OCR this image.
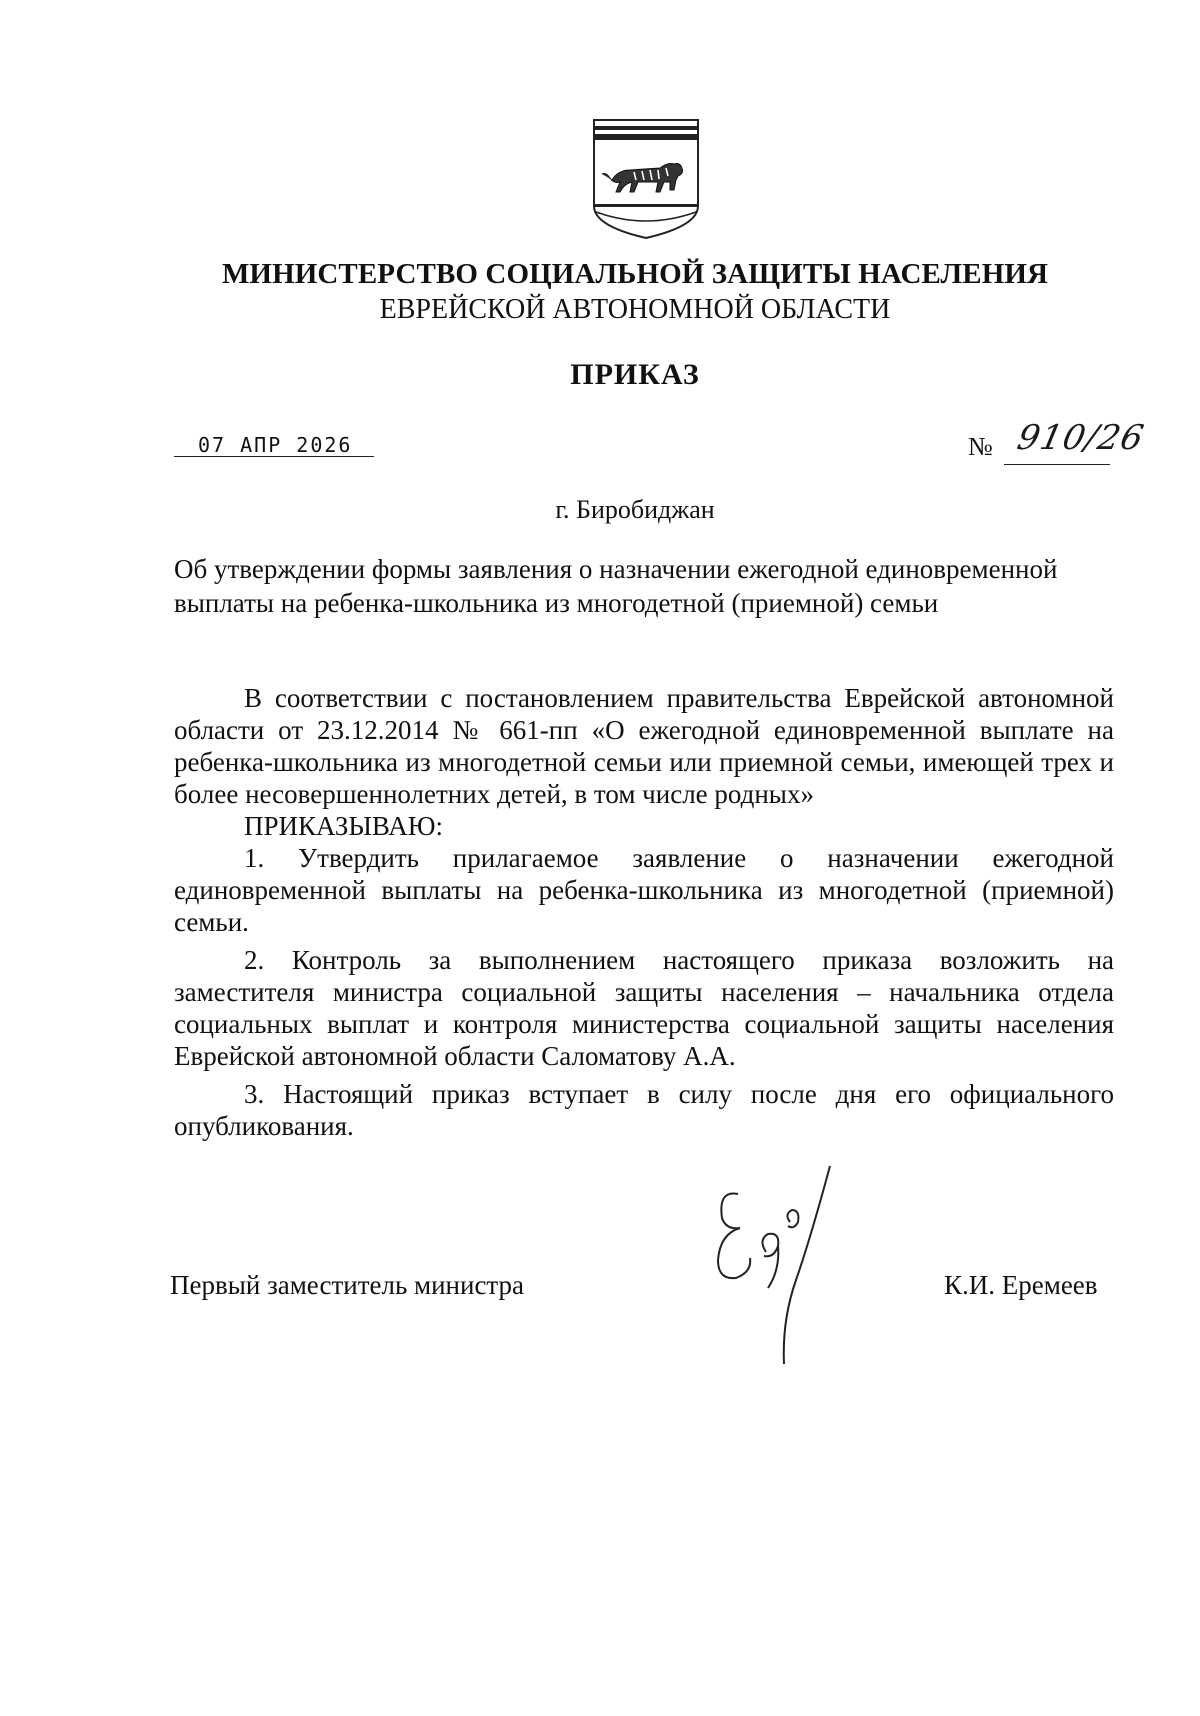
МИНИСТЕРСТВО СОЦИАЛЬНОЙ ЗАЩИТЫ НАСЕЛЕНИЯ
ЕВРЕЙСКОЙ АВТОНОМНОЙ ОБЛАСТИ
ПРИКАЗ
07 АПР 2026	№ 910/26
г. Биробиджан
Об утверждении формы заявления о назначении ежегодной единовременной выплаты на ребенка-школьника из многодетной (приемной) семьи

В соответствии с постановлением правительства Еврейской автономной области от 23.12.2014 № 661-пп «О ежегодной единовременной выплате на ребенка-школьника из многодетной семьи или приемной семьи, имеющей трех и более несовершеннолетних детей, в том числе родных»

ПРИКАЗЫВАЮ:

1. Утвердить прилагаемое заявление о назначении ежегодной единовременной выплаты на ребенка-школьника из многодетной (приемной) семьи.

2. Контроль за выполнением настоящего приказа возложить на заместителя министра социальной защиты населения – начальника отдела социальных выплат и контроля министерства социальной защиты населения Еврейской автономной области Саломатову А.А.

3. Настоящий приказ вступает в силу после дня его официального опубликования.

Первый заместитель министра	К.И. Еремеев
